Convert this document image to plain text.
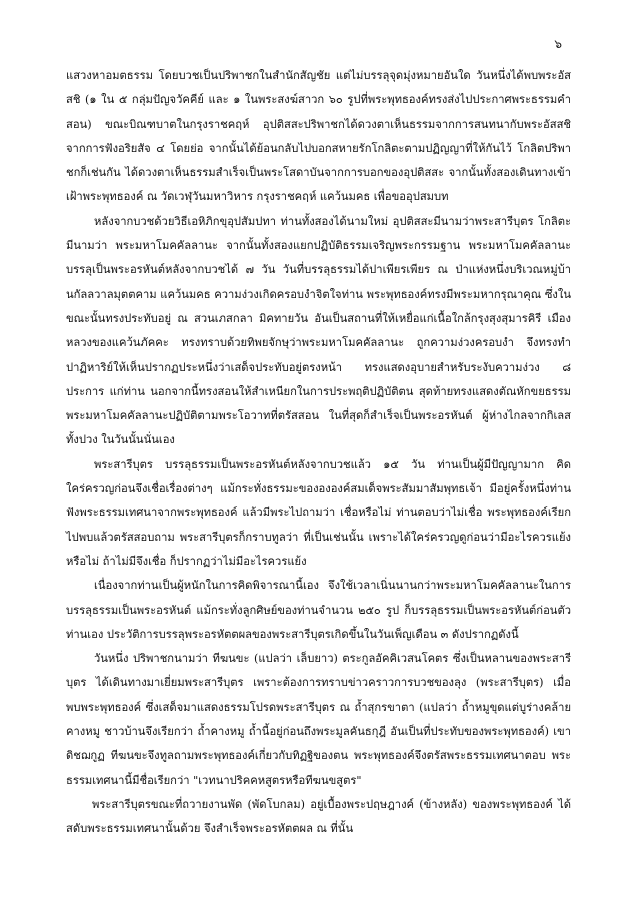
๖

แสวงหาอมตธรรม โดยบวชเป็นปริพาชกในสำนักสัญชัย แต่ไม่บรรลุจุดมุ่งหมายอันใด วันหนึ่งได้พบพระอัสสชิ (๑ ใน ๕ กลุ่มปัญจวัคคีย์ และ ๑ ในพระสงฆ์สาวก ๖๐ รูปที่พระพุทธองค์ทรงส่งไปประกาศพระธรรมคำสอน) ขณะบิณฑบาตในกรุงราชคฤห์ อุปติสสะปริพาชกได้ดวงตาเห็นธรรมจากการสนทนากับพระอัสสชิ จากการฟังอริยสัจ ๔ โดยย่อ จากนั้นได้ย้อนกลับไปบอกสหายรักโกลิตะตามปฏิญญาที่ให้กันไว้ โกลิตปริพาชกก็เช่นกัน ได้ดวงตาเห็นธรรมสำเร็จเป็นพระโสดาบันจากการบอกของอุปติสสะ จากนั้นทั้งสองเดินทางเข้าเฝ้าพระพุทธองค์ ณ วัดเวฬุวันมหาวิหาร กรุงราชคฤห์ แคว้นมคธ เพื่อขออุปสมบท

หลังจากบวชด้วยวิธีเอหิภิกขุอุปสัมปทา ท่านทั้งสองได้นามใหม่ อุปติสสะมีนามว่าพระสารีบุตร โกลิตะมีนามว่า พระมหาโมคคัลลานะ จากนั้นทั้งสองแยกปฏิบัติธรรมเจริญพระกรรมฐาน พระมหาโมคคัลลานะบรรลุเป็นพระอรหันต์หลังจากบวชได้ ๗ วัน วันที่บรรลุธรรมได้ปาเพียรเพียร ณ ป่าแห่งหนึ่งบริเวณหมู่บ้านกัลลวาลมุตตคาม แคว้นมคธ ความง่วงเกิดครอบงำจิตใจท่าน พระพุทธองค์ทรงมีพระมหากรุณาคุณ ซึ่งในขณะนั้นทรงประทับอยู่ ณ สวนเภสกลา มิคทายวัน อันเป็นสถานที่ให้เหยื่อแก่เนื้อใกล้กรุงสุงสุมารคิรี เมืองหลวงของแคว้นภัคคะ ทรงทราบด้วยทิพยจักษุว่าพระมหาโมคคัลลานะ ถูกความง่วงครอบงำ จึงทรงทำปาฏิหาริย์ให้เห็นปรากฏประหนึ่งว่าเสด็จประทับอยู่ตรงหน้า ทรงแสดงอุบายสำหรับระงับความง่วง ๘ ประการ แก่ท่าน นอกจากนี้ทรงสอนให้สำเหนียกในการประพฤติปฏิบัติตน สุดท้ายทรงแสดงตัณหักขยธรรม พระมหาโมคคัลลานะปฏิบัติตามพระโอวาทที่ตรัสสอน ในที่สุดก็สำเร็จเป็นพระอรหันต์ ผู้ห่างไกลจากกิเลสทั้งปวง ในวันนั้นนั่นเอง

พระสารีบุตร บรรลุธรรมเป็นพระอรหันต์หลังจากบวชแล้ว ๑๕ วัน ท่านเป็นผู้มีปัญญามาก คิดใคร่ครวญก่อนจึงเชื่อเรื่องต่างๆ แม้กระทั่งธรรมะของององค์สมเด็จพระสัมมาสัมพุทธเจ้า มีอยู่ครั้งหนึ่งท่านฟังพระธรรมเทศนาจากพระพุทธองค์ แล้วมีพระไปถามว่า เชื่อหรือไม่ ท่านตอบว่าไม่เชื่อ พระพุทธองค์เรียกไปพบแล้วตรัสสอบถาม พระสารีบุตรก็กราบทูลว่า ที่เป็นเช่นนั้น เพราะได้ใคร่ครวญดูก่อนว่ามีอะไรควรแย้งหรือไม่ ถ้าไม่มีจึงเชื่อ ก็ปรากฏว่าไม่มีอะไรควรแย้ง

เนื่องจากท่านเป็นผู้หนักในการคิดพิจารณานี้เอง จึงใช้เวลาเนิ่นนานกว่าพระมหาโมคคัลลานะในการบรรลุธรรมเป็นพระอรหันต์ แม้กระทั่งลูกศิษย์ของท่านจำนวน ๒๕๐ รูป ก็บรรลุธรรมเป็นพระอรหันต์ก่อนตัวท่านเอง ประวัติการบรรลุพระอรหัตตผลของพระสารีบุตรเกิดขึ้นในวันเพ็ญเดือน ๓ ดังปรากฏดังนี้

วันหนึ่ง ปริพาชกนามว่า ทีฆนขะ (แปลว่า เล็บยาว) ตระกูลอัคคิเวสนโคตร ซึ่งเป็นหลานของพระสารีบุตร ได้เดินทางมาเยี่ยมพระสารีบุตร เพราะต้องการทราบข่าวคราวการบวชของลุง (พระสารีบุตร) เมื่อพบพระพุทธองค์ ซึ่งเสด็จมาแสดงธรรมโปรดพระสารีบุตร ณ ถ้ำสุกรขาตา (แปลว่า ถ้ำหมูขุดแต่บูร่างคล้ายคางหมู ชาวบ้านจึงเรียกว่า ถ้ำคางหมู ถ้ำนี้อยู่ก่อนถึงพระมูลคันธกุฎี อันเป็นที่ประทับของพระพุทธองค์) เขาดิชฌกูฏ ทีฆนขะจึงทูลถามพระพุทธองค์เกี่ยวกับทิฏฐิของตน พระพุทธองค์จึงตรัสพระธรรมเทศนาตอบ พระธรรมเทศนานี้มีชื่อเรียกว่า "เวทนาปริคคหสูตรหรือทีฆนขสูตร"

พระสารีบุตรขณะที่ถวายงานพัด (พัดโบกลม) อยู่เบื้องพระปฤษฎางค์ (ข้างหลัง) ของพระพุทธองค์ ได้สดับพระธรรมเทศนานั้นด้วย จึงสำเร็จพระอรหัตตผล ณ ที่นั้น
